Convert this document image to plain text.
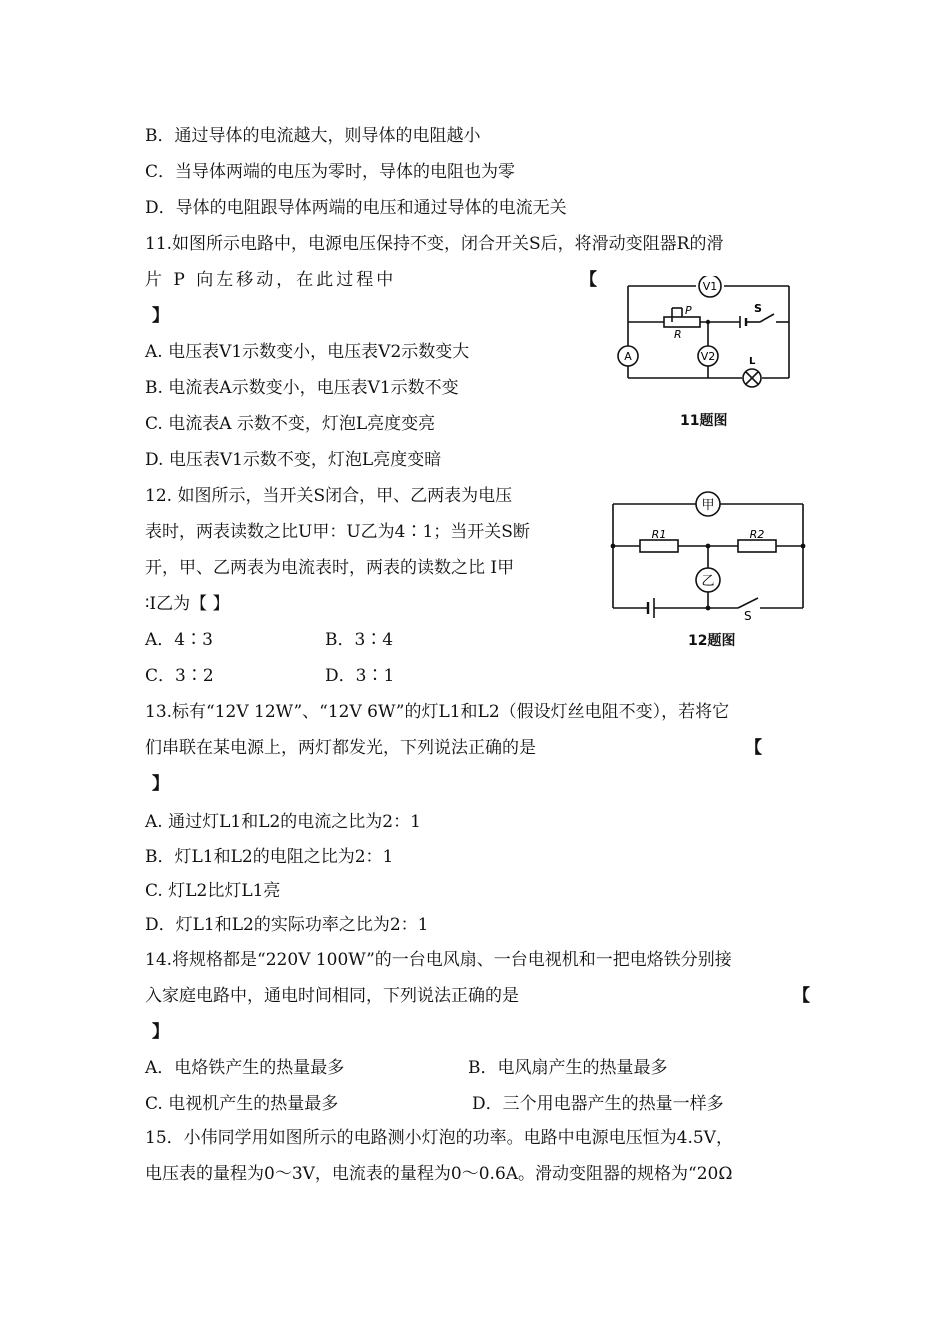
B．通过导体的电流越大，则导体的电阻越小
C．当导体两端的电压为零时，导体的电阻也为零
D．导体的电阻跟导体两端的电压和通过导体的电流无关
11.如图所示电路中，电源电压保持不变，闭合开关S后，将滑动变阻器R的滑
片 P 向左移动，在此过程中	【
】
A. 电压表V1示数变小，电压表V2示数变大
B. 电流表A示数变小，电压表V1示数不变
C. 电流表A 示数不变，灯泡L亮度变亮
D. 电压表V1示数不变，灯泡L亮度变暗
V1
V2
A
P
R
S
L
11题图
12. 如图所示，当开关S闭合，甲、乙两表为电压
表时，两表读数之比U甲：U乙为4∶1；当开关S断
开，甲、乙两表为电流表时，两表的读数之比 I甲
∶I乙为【 】
A．4∶3	B．3∶4
C．3∶2	D．3∶1
甲
乙
R1	R2
S
12题图
13.标有“12V 12W”、“12V 6W”的灯L1和L2（假设灯丝电阻不变），若将它
们串联在某电源上，两灯都发光，下列说法正确的是	【
】
A. 通过灯L1和L2的电流之比为2：1
B．灯L1和L2的电阻之比为2：1
C. 灯L2比灯L1亮
D．灯L1和L2的实际功率之比为2：1
14.将规格都是“220V 100W”的一台电风扇、一台电视机和一把电烙铁分别接
入家庭电路中，通电时间相同，下列说法正确的是	【
】
A．电烙铁产生的热量最多	B．电风扇产生的热量最多
C. 电视机产生的热量最多	D．三个用电器产生的热量一样多
15．小伟同学用如图所示的电路测小灯泡的功率。电路中电源电压恒为4.5V，
电压表的量程为0～3V，电流表的量程为0～0.6A。滑动变阻器的规格为“20Ω
